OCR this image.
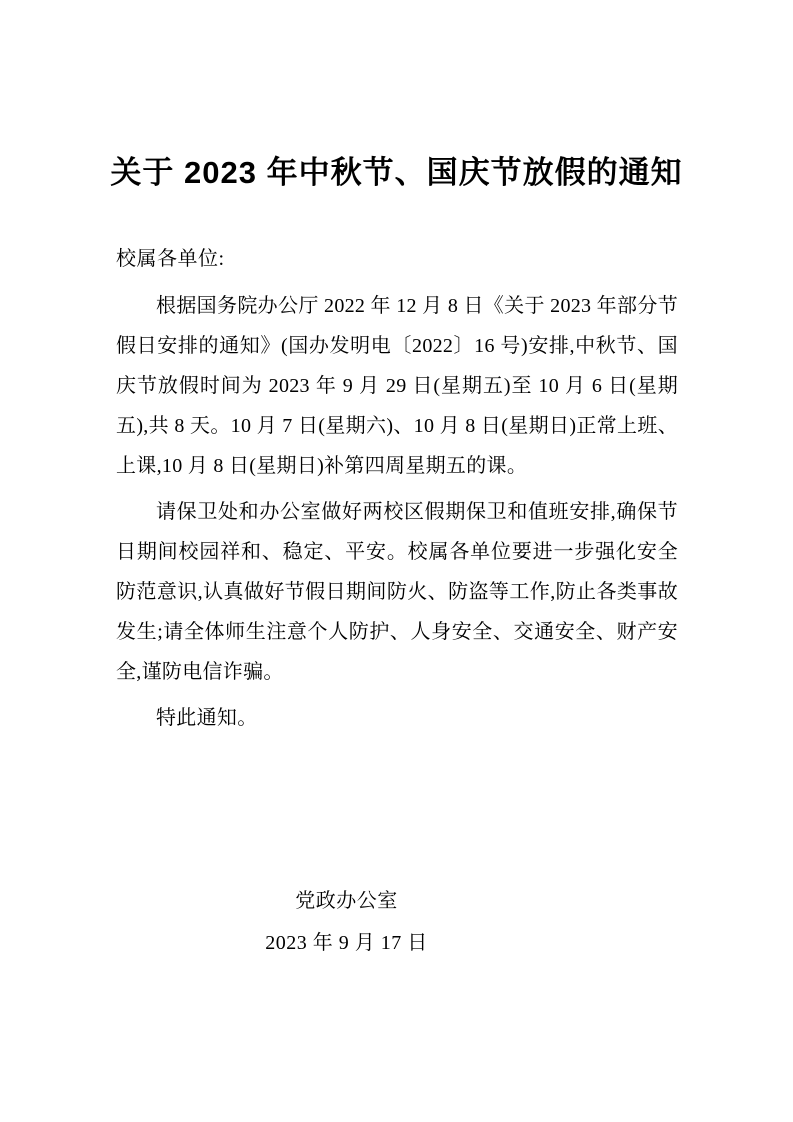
关于 2023 年中秋节、国庆节放假的通知
校属各单位:

根据国务院办公厅 2022 年 12 月 8 日《关于 2023 年部分节假日安排的通知》(国办发明电〔2022〕16 号)安排,中秋节、国庆节放假时间为 2023 年 9 月 29 日(星期五)至 10 月 6 日(星期五),共 8 天。10 月 7 日(星期六)、10 月 8 日(星期日)正常上班、上课,10 月 8 日(星期日)补第四周星期五的课。

请保卫处和办公室做好两校区假期保卫和值班安排,确保节日期间校园祥和、稳定、平安。校属各单位要进一步强化安全防范意识,认真做好节假日期间防火、防盗等工作,防止各类事故发生;请全体师生注意个人防护、人身安全、交通安全、财产安全,谨防电信诈骗。

特此通知。

党政办公室
2023 年 9 月 17 日
